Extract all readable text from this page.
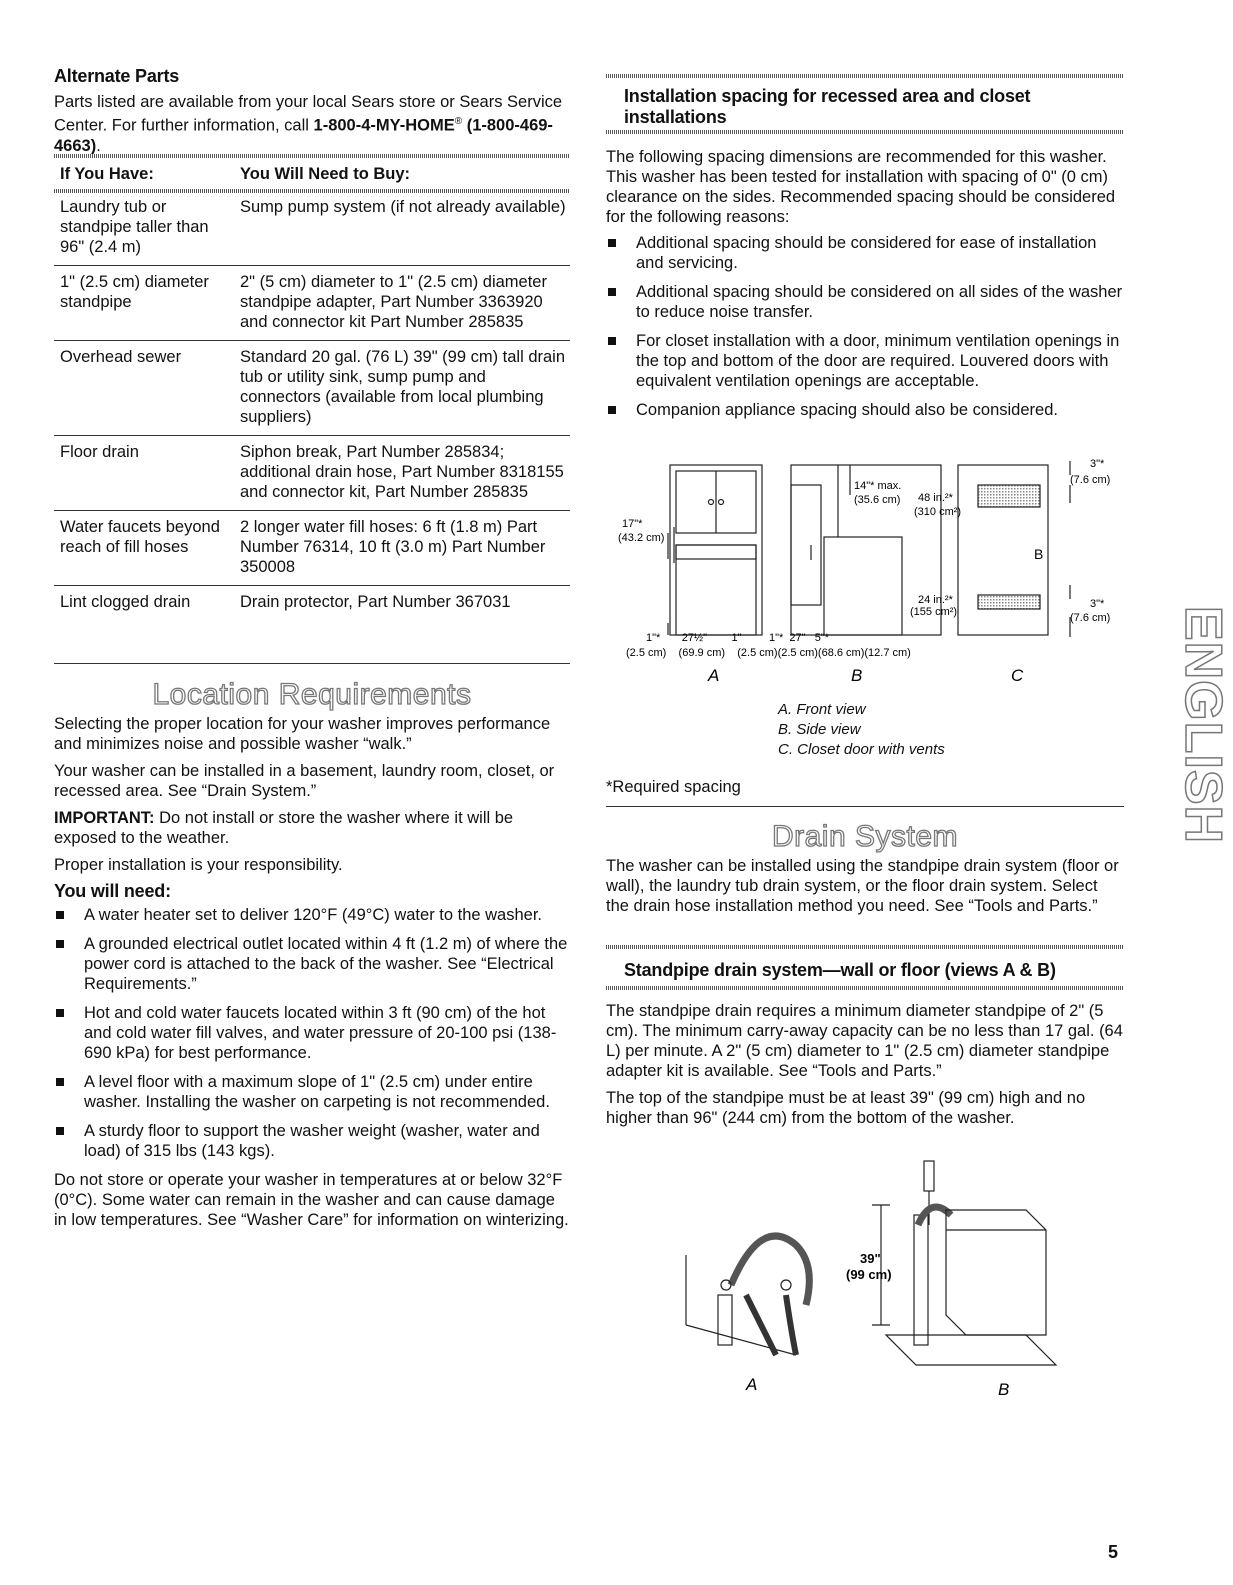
Alternate Parts

Parts listed are available from your local Sears store or Sears Service Center. For further information, call 1-800-4-MY-HOME® (1-800-469-4663).

If You Have:	You Will Need to Buy:
Laundry tub or standpipe taller than 96" (2.4 m)	Sump pump system (if not already available)
1" (2.5 cm) diameter standpipe	2" (5 cm) diameter to 1" (2.5 cm) diameter standpipe adapter, Part Number 3363920 and connector kit Part Number 285835
Overhead sewer	Standard 20 gal. (76 L) 39" (99 cm) tall drain tub or utility sink, sump pump and connectors (available from local plumbing suppliers)
Floor drain	Siphon break, Part Number 285834; additional drain hose, Part Number 8318155 and connector kit, Part Number 285835
Water faucets beyond reach of fill hoses	2 longer water fill hoses: 6 ft (1.8 m) Part Number 76314, 10 ft (3.0 m) Part Number 350008
Lint clogged drain	Drain protector, Part Number 367031
Location Requirements

Selecting the proper location for your washer improves performance and minimizes noise and possible washer “walk.”

Your washer can be installed in a basement, laundry room, closet, or recessed area. See “Drain System.”

IMPORTANT: Do not install or store the washer where it will be exposed to the weather.

Proper installation is your responsibility.

You will need:
A water heater set to deliver 120°F (49°C) water to the washer.
A grounded electrical outlet located within 4 ft (1.2 m) of where the power cord is attached to the back of the washer. See “Electrical Requirements.”
Hot and cold water faucets located within 3 ft (90 cm) of the hot and cold water fill valves, and water pressure of 20-100 psi (138-690 kPa) for best performance.
A level floor with a maximum slope of 1" (2.5 cm) under entire washer. Installing the washer on carpeting is not recommended.
A sturdy floor to support the washer weight (washer, water and load) of 315 lbs (143 kgs).

Do not store or operate your washer in temperatures at or below 32°F (0°C). Some water can remain in the washer and can cause damage in low temperatures. See “Washer Care” for information on winterizing.

Installation spacing for recessed area and closet installations

The following spacing dimensions are recommended for this washer. This washer has been tested for installation with spacing of 0" (0 cm) clearance on the sides. Recommended spacing should be considered for the following reasons:

Additional spacing should be considered for ease of installation and servicing.
Additional spacing should be considered on all sides of the washer to reduce noise transfer.
For closet installation with a door, minimum ventilation openings in the top and bottom of the door are required. Louvered doors with equivalent ventilation openings are acceptable.
Companion appliance spacing should also be considered.
17"*
(43.2 cm)
14"* max.
(35.6 cm) 48 in.²*
(310 cm²)
24 in.²*
(155 cm²)
3"*
(7.6 cm)
3"*
(7.6 cm)
1"*       27½"        1"         1"*  27"   5"*
(2.5 cm)    (69.9 cm)    (2.5 cm)(2.5 cm)(68.6 cm)(12.7 cm)
B
A	B	C
A. Front view
B. Side view
C. Closet door with vents

*Required spacing

Drain System

The washer can be installed using the standpipe drain system (floor or wall), the laundry tub drain system, or the floor drain system. Select the drain hose installation method you need. See “Tools and Parts.”

Standpipe drain system—wall or floor (views A & B)

The standpipe drain requires a minimum diameter standpipe of 2" (5 cm). The minimum carry-away capacity can be no less than 17 gal. (64 L) per minute. A 2" (5 cm) diameter to 1" (2.5 cm) diameter standpipe adapter kit is available. See “Tools and Parts.”

The top of the standpipe must be at least 39" (99 cm) high and no higher than 96" (244 cm) from the bottom of the washer.

39"
(99 cm)
A	B
ENGLISH
5
